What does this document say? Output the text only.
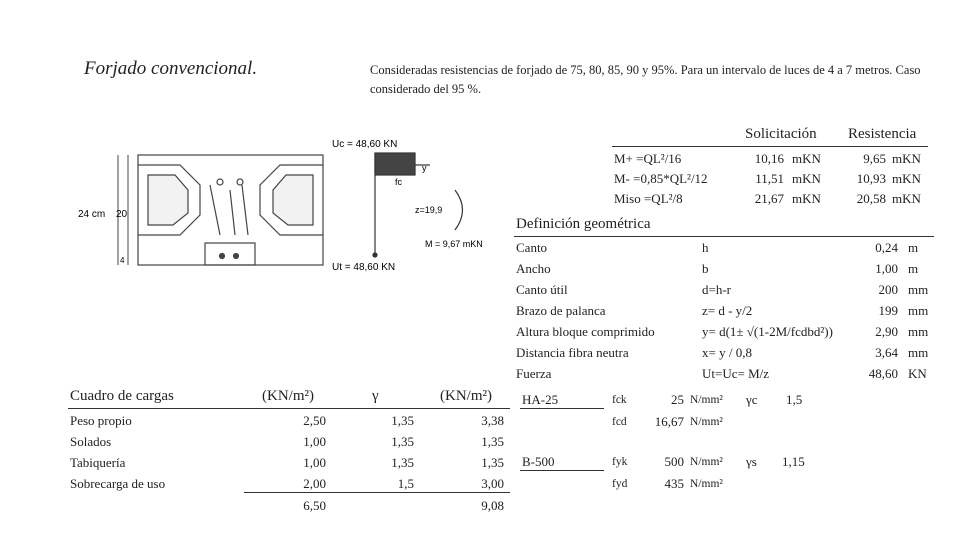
Forjado convencional.	Consideradas resistencias de forjado de 75, 80, 85, 90 y 95%. Para un intervalo de luces de 4 a 7 metros. Caso considerado del 95 %.
24 cm 20
4
Uc = 48,60 KN
Ut = 48,60 KN
y
fc
z=19,9
M = 9,67 mKN
Solicitación Resistencia
M+ =QL²/16	10,16 mKN	9,65 mKN
M- =0,85*QL²/12	11,51 mKN	10,93 mKN
Miso =QL²/8	21,67 mKN	20,58 mKN
Definición geométrica
Canto	h	0,24 m
Ancho	b	1,00 m
Canto útil	d=h-r	200 mm
Brazo de palanca	z= d - y/2	199 mm
Altura bloque comprimido	y= d(1± √(1-2M/fcdbd²))	2,90 mm
Distancia fibra neutra	x= y / 0,8	3,64 mm
Fuerza	Ut=Uc= M/z	48,60 KN
Cuadro de cargas	(KN/m²)	γ	(KN/m²)
Peso propio	2,50	1,35	3,38
Solados	1,00	1,35	1,35
Tabiquería	1,00	1,35	1,35
Sobrecarga de uso	2,00	1,5	3,00
6,50	9,08
HA-25	fck	25 N/mm² γc 1,5
fcd	16,67 N/mm²
B-500	fyk	500 N/mm² γs 1,15
fyd	435 N/mm²
